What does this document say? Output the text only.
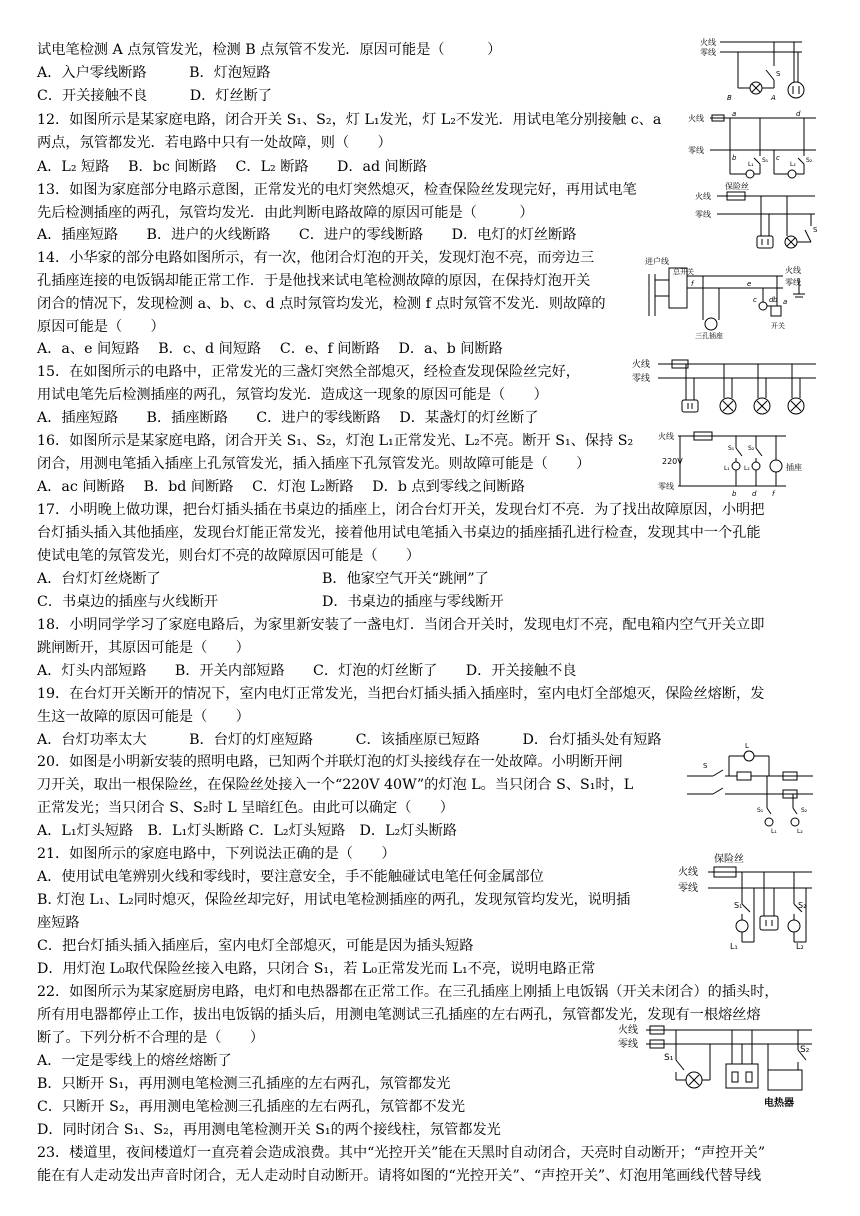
试电笔检测 A 点氖管发光，检测 B 点氖管不发光．原因可能是（　　　）
A．入户零线断路　　　B．灯泡短路
C．开关接触不良　　　D．灯丝断了
12．如图所示是某家庭电路，闭合开关 S₁、S₂，灯 L₁发光，灯 L₂不发光．用试电笔分别接触 c、a
两点，氖管都发光．若电路中只有一处故障，则（　　）
A．L₂ 短路　 B．bc 间断路　 C．L₂ 断路　　D．ad 间断路
13．如图为家庭部分电路示意图，正常发光的电灯突然熄灭，检查保险丝发现完好，再用试电笔
先后检测插座的两孔，氖管均发光．由此判断电路故障的原因可能是（　　　）
A．插座短路　　B．进户的火线断路　　C．进户的零线断路　　D．电灯的灯丝断路
14．小华家的部分电路如图所示，有一次，他闭合灯泡的开关，发现灯泡不亮，而旁边三
孔插座连接的电饭锅却能正常工作．于是他找来试电笔检测故障的原因，在保持灯泡开关
闭合的情况下，发现检测 a、b、c、d 点时氖管均发光，检测 f 点时氖管不发光．则故障的
原因可能是（　　）
A．a、e 间短路　 B．c、d 间短路　 C．e、f 间断路　 D．a、b 间断路
15．在如图所示的电路中，正常发光的三盏灯突然全部熄灭，经检查发现保险丝完好，
用试电笔先后检测插座的两孔，氖管均发光．造成这一现象的原因可能是（　　）
A．插座短路　　B．插座断路　　C．进户的零线断路　 D．某盏灯的灯丝断了
16．如图所示是某家庭电路，闭合开关 S₁、S₂，灯泡 L₁正常发光、L₂不亮。断开 S₁、保持 S₂
闭合，用测电笔插入插座上孔氖管发光，插入插座下孔氖管发光。则故障可能是（　　）
A．ac 间断路　 B．bd 间断路　 C．灯泡 L₂断路　 D．b 点到零线之间断路
17．小明晚上做功课，把台灯插头插在书桌边的插座上，闭合台灯开关，发现台灯不亮．为了找出故障原因，小明把
台灯插头插入其他插座，发现台灯能正常发光，接着他用试电笔插入书桌边的插座插孔进行检查，发现其中一个孔能
使试电笔的氖管发光，则台灯不亮的故障原因可能是（　　）
A．台灯灯丝烧断了	B．他家空气开关“跳闸”了
C．书桌边的插座与火线断开	D．书桌边的插座与零线断开
18．小明同学学习了家庭电路后，为家里新安装了一盏电灯．当闭合开关时，发现电灯不亮，配电箱内空气开关立即
跳闸断开，其原因可能是（　　）
A．灯头内部短路　　B．开关内部短路　　C．灯泡的灯丝断了　　D．开关接触不良
19．在台灯开关断开的情况下，室内电灯正常发光，当把台灯插头插入插座时，室内电灯全部熄灭，保险丝熔断，发
生这一故障的原因可能是（　　）
A．台灯功率太大　　　B．台灯的灯座短路　　　C．该插座原已短路　　　D．台灯插头处有短路
20．如图是小明新安装的照明电路，已知两个并联灯泡的灯头接线存在一处故障。小明断开闸
刀开关，取出一根保险丝，在保险丝处接入一个“220V 40W”的灯泡 L。当只闭合 S、S₁时，L
正常发光；当只闭合 S、S₂时 L 呈暗红色。由此可以确定（　　）
A．L₁灯头短路　B．L₁灯头断路 C．L₂灯头短路　D．L₂灯头断路
21．如图所示的家庭电路中，下列说法正确的是（　　）
A．使用试电笔辨别火线和零线时，要注意安全，手不能触碰试电笔任何金属部位
B. 灯泡 L₁、L₂同时熄灭，保险丝却完好，用试电笔检测插座的两孔，发现氖管均发光，说明插
座短路
C．把台灯插头插入插座后，室内电灯全部熄灭，可能是因为插头短路
D．用灯泡 L₀取代保险丝接入电路，只闭合 S₁，若 L₀正常发光而 L₁不亮，说明电路正常
22．如图所示为某家庭厨房电路，电灯和电热器都在正常工作。在三孔插座上刚插上电饭锅（开关未闭合）的插头时，
所有用电器都停止工作，拔出电饭锅的插头后，用测电笔测试三孔插座的左右两孔，氖管都发光，发现有一根熔丝熔
断了。下列分析不合理的是（　　）
A．一定是零线上的熔丝熔断了
B．只断开 S₁，再用测电笔检测三孔插座的左右两孔，氖管都发光
C．只断开 S₂，再用测电笔检测三孔插座的左右两孔，氖管都不发光
D．同时闭合 S₁、S₂，再用测电笔检测开关 S₁的两个接线柱，氖管都发光
23．楼道里，夜间楼道灯一直亮着会造成浪费。其中“光控开关”能在天黑时自动闭合，天亮时自动断开；“声控开关”
能在有人走动发出声音时闭合，无人走动时自动断开。请将如图的“光控开关”、“声控开关”、灯泡用笔画线代替导线
火线
零线
S
B	A
火线
零线
a	d
b	c
L₁	L₂
S₁	S₂
火线
零线
保险丝
S
进户线
总开关	火线
零线
f	e
c d b a
三孔插座
开关
火线
零线
火线
零线
220V
S₁ S₂
L₁ L₂	插座
b d f
S
L
S₁	S₂
L₁	L₂
火线
零线
保险丝
S₁	S₂
L₁	L₂
火线
零线
S₁
S₂
电热器
